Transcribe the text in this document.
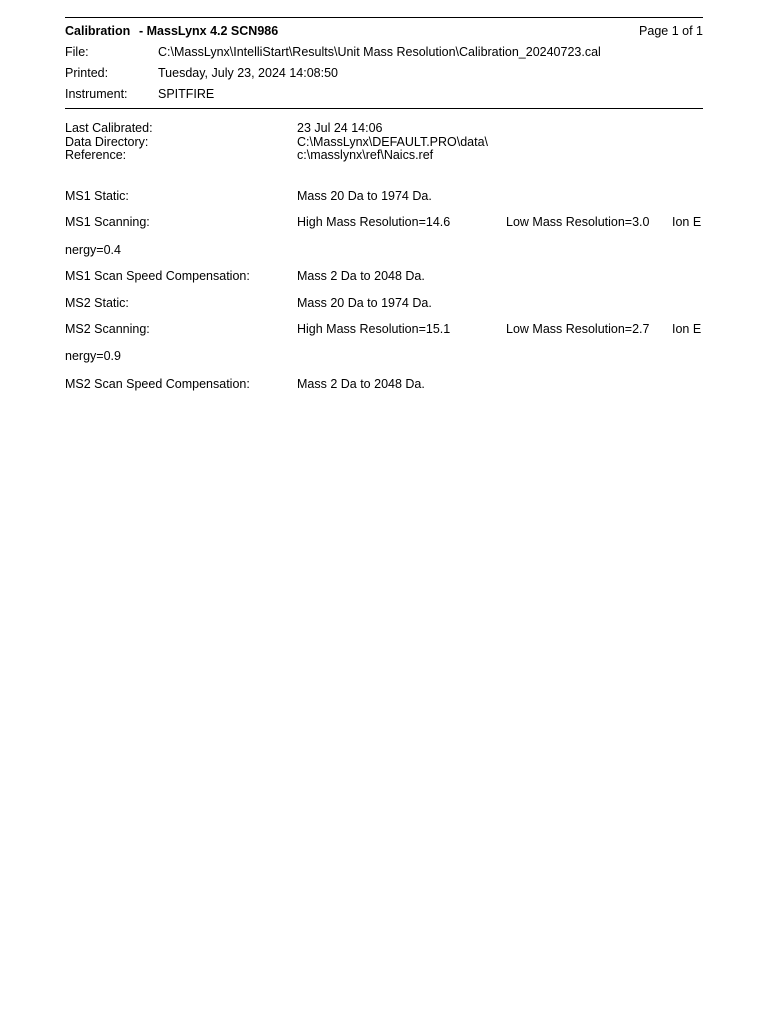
Calibration - MassLynx 4.2 SCN986	Page 1 of 1
File:	C:\MassLynx\IntelliStart\Results\Unit Mass Resolution\Calibration_20240723.cal
Printed:	Tuesday, July 23, 2024 14:08:50
Instrument: SPITFIRE
Last Calibrated:	23 Jul 24 14:06
Data Directory:	C:\MassLynx\DEFAULT.PRO\data\
Reference:	c:\masslynx\ref\Naics.ref
MS1 Static:	Mass 20 Da to 1974 Da.
MS1 Scanning:	High Mass Resolution=14.6	Low Mass Resolution=3.0 Ion E
nergy=0.4
MS1 Scan Speed Compensation:	Mass 2 Da to 2048 Da.
MS2 Static:	Mass 20 Da to 1974 Da.
MS2 Scanning:	High Mass Resolution=15.1	Low Mass Resolution=2.7 Ion E
nergy=0.9
MS2 Scan Speed Compensation:	Mass 2 Da to 2048 Da.
